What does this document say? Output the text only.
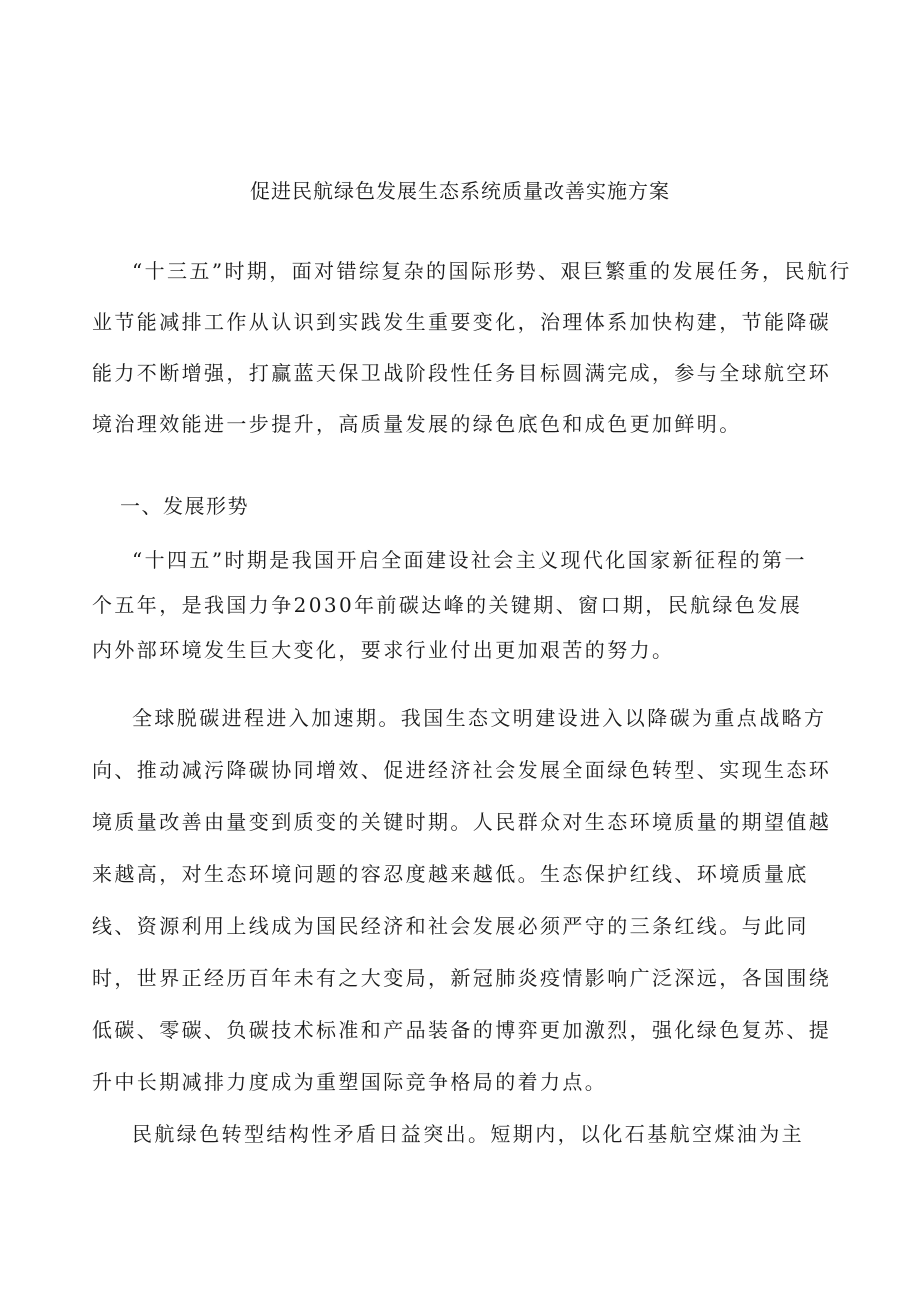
促进民航绿色发展生态系统质量改善实施方案

“十三五”时期，面对错综复杂的国际形势、艰巨繁重的发展任务，民航行业节能减排工作从认识到实践发生重要变化，治理体系加快构建，节能降碳能力不断增强，打赢蓝天保卫战阶段性任务目标圆满完成，参与全球航空环境治理效能进一步提升，高质量发展的绿色底色和成色更加鲜明。

一、发展形势

“十四五”时期是我国开启全面建设社会主义现代化国家新征程的第一个五年，是我国力争2030年前碳达峰的关键期、窗口期，民航绿色发展内外部环境发生巨大变化，要求行业付出更加艰苦的努力。

全球脱碳进程进入加速期。我国生态文明建设进入以降碳为重点战略方向、推动减污降碳协同增效、促进经济社会发展全面绿色转型、实现生态环境质量改善由量变到质变的关键时期。人民群众对生态环境质量的期望值越来越高，对生态环境问题的容忍度越来越低。生态保护红线、环境质量底线、资源利用上线成为国民经济和社会发展必须严守的三条红线。与此同时，世界正经历百年未有之大变局，新冠肺炎疫情影响广泛深远，各国围绕低碳、零碳、负碳技术标准和产品装备的博弈更加激烈，强化绿色复苏、提升中长期减排力度成为重塑国际竞争格局的着力点。

民航绿色转型结构性矛盾日益突出。短期内，以化石基航空煤油为主
